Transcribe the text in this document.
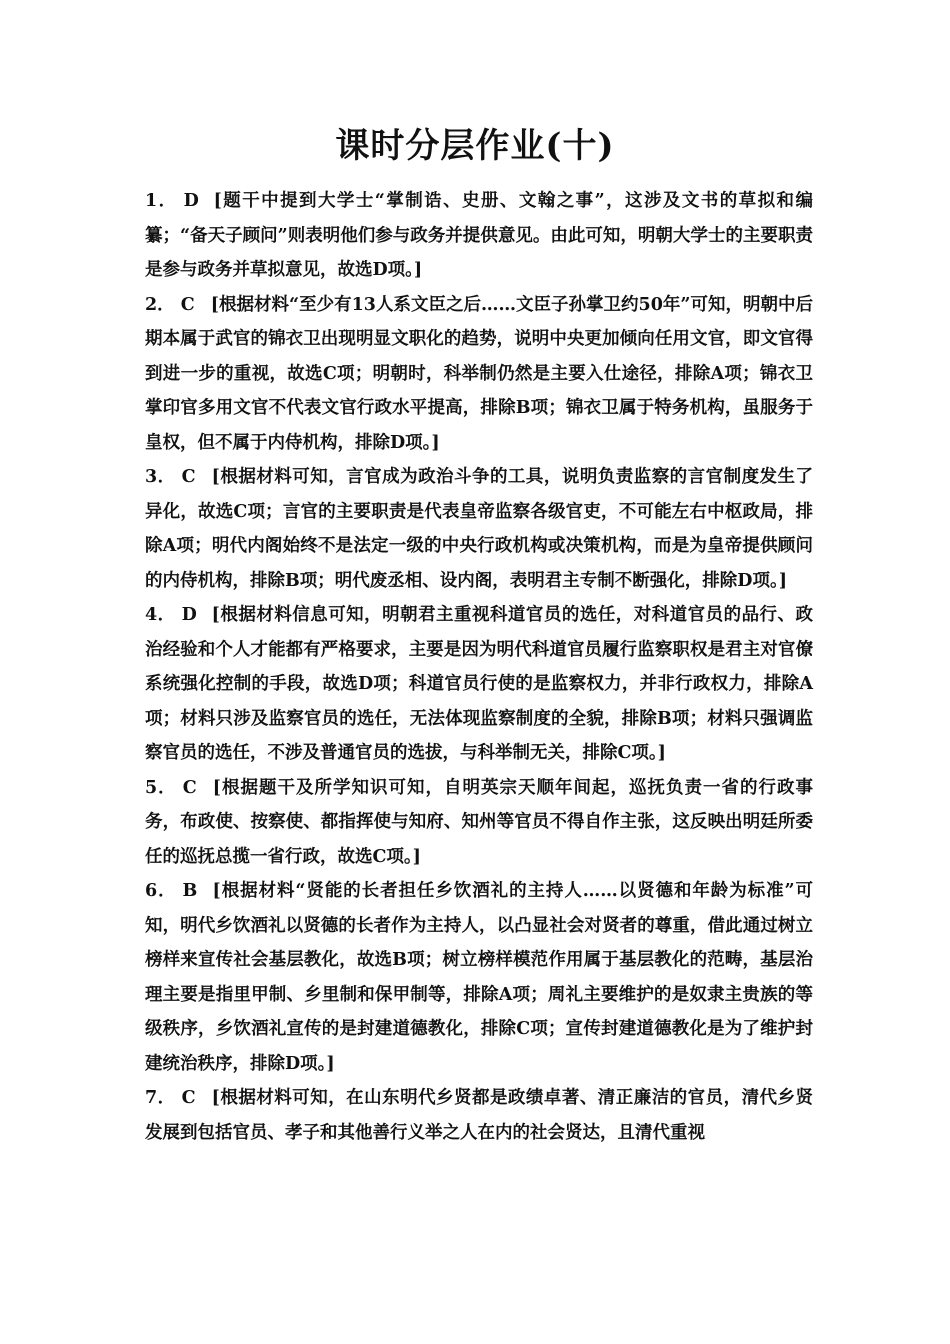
课时分层作业(十)

1． D [题干中提到大学士“掌制诰、史册、文翰之事”，这涉及文书的草拟和编纂；“备天子顾问”则表明他们参与政务并提供意见。由此可知，明朝大学士的主要职责是参与政务并草拟意见，故选D项。]

2． C [根据材料“至少有13人系文臣之后……文臣子孙掌卫约50年”可知，明朝中后期本属于武官的锦衣卫出现明显文职化的趋势，说明中央更加倾向任用文官，即文官得到进一步的重视，故选C项；明朝时，科举制仍然是主要入仕途径，排除A项；锦衣卫掌印官多用文官不代表文官行政水平提高，排除B项；锦衣卫属于特务机构，虽服务于皇权，但不属于内侍机构，排除D项。]

3． C [根据材料可知，言官成为政治斗争的工具，说明负责监察的言官制度发生了异化，故选C项；言官的主要职责是代表皇帝监察各级官吏，不可能左右中枢政局，排除A项；明代内阁始终不是法定一级的中央行政机构或决策机构，而是为皇帝提供顾问的内侍机构，排除B项；明代废丞相、设内阁，表明君主专制不断强化，排除D项。]

4． D [根据材料信息可知，明朝君主重视科道官员的选任，对科道官员的品行、政治经验和个人才能都有严格要求，主要是因为明代科道官员履行监察职权是君主对官僚系统强化控制的手段，故选D项；科道官员行使的是监察权力，并非行政权力，排除A项；材料只涉及监察官员的选任，无法体现监察制度的全貌，排除B项；材料只强调监察官员的选任，不涉及普通官员的选拔，与科举制无关，排除C项。]

5． C [根据题干及所学知识可知，自明英宗天顺年间起，巡抚负责一省的行政事务，布政使、按察使、都指挥使与知府、知州等官员不得自作主张，这反映出明廷所委任的巡抚总揽一省行政，故选C项。]

6． B [根据材料“贤能的长者担任乡饮酒礼的主持人……以贤德和年龄为标准”可知，明代乡饮酒礼以贤德的长者作为主持人，以凸显社会对贤者的尊重，借此通过树立榜样来宣传社会基层教化，故选B项；树立榜样模范作用属于基层教化的范畴，基层治理主要是指里甲制、乡里制和保甲制等，排除A项；周礼主要维护的是奴隶主贵族的等级秩序，乡饮酒礼宣传的是封建道德教化，排除C项；宣传封建道德教化是为了维护封建统治秩序，排除D项。]

7． C [根据材料可知，在山东明代乡贤都是政绩卓著、清正廉洁的官员，清代乡贤发展到包括官员、孝子和其他善行义举之人在内的社会贤达，且清代重视
